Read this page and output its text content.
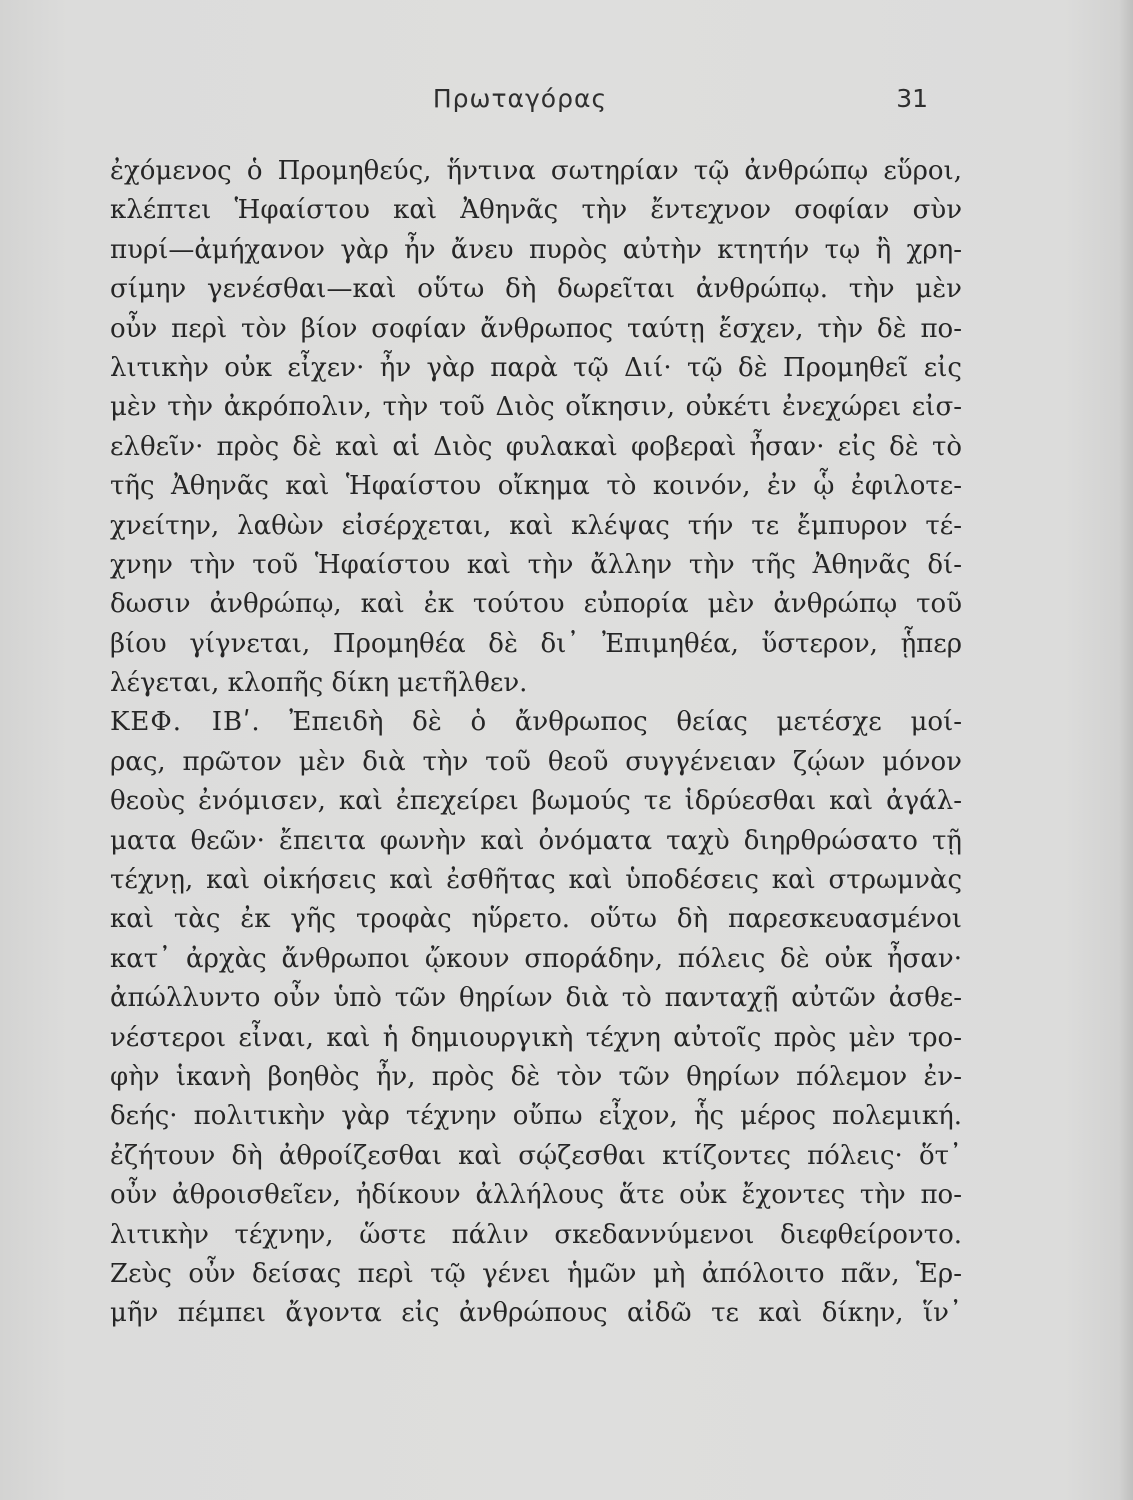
Πρωταγόρας	31
ἐχόμενος ὁ Προμηθεύς, ἥντινα σωτηρίαν τῷ ἀνθρώπῳ εὕροι,
κλέπτει Ἡφαίστου καὶ Ἀθηνᾶς τὴν ἔντεχνον σοφίαν σὺν
πυρί—ἀμήχανον γὰρ ἦν ἄνευ πυρὸς αὐτὴν κτητήν τῳ ἢ χρη-
σίμην γενέσθαι—καὶ οὕτω δὴ δωρεῖται ἀνθρώπῳ. τὴν μὲν
οὖν περὶ τὸν βίον σοφίαν ἄνθρωπος ταύτῃ ἔσχεν, τὴν δὲ πο-
λιτικὴν οὐκ εἶχεν· ἦν γὰρ παρὰ τῷ Διί· τῷ δὲ Προμηθεῖ εἰς
μὲν τὴν ἀκρόπολιν, τὴν τοῦ Διὸς οἴκησιν, οὐκέτι ἐνεχώρει εἰσ-
ελθεῖν· πρὸς δὲ καὶ αἱ Διὸς φυλακαὶ φοβεραὶ ἦσαν· εἰς δὲ τὸ
τῆς Ἀθηνᾶς καὶ Ἡφαίστου οἴκημα τὸ κοινόν, ἐν ᾧ ἐφιλοτε-
χνείτην, λαθὼν εἰσέρχεται, καὶ κλέψας τήν τε ἔμπυρον τέ-
χνην τὴν τοῦ Ἡφαίστου καὶ τὴν ἄλλην τὴν τῆς Ἀθηνᾶς δί-
δωσιν ἀνθρώπῳ, καὶ ἐκ τούτου εὐπορία μὲν ἀνθρώπῳ τοῦ
βίου γίγνεται, Προμηθέα δὲ δι᾽ Ἐπιμηθέα, ὕστερον, ᾗπερ
λέγεται, κλοπῆς δίκη μετῆλθεν.
ΚΕΦ. ΙΒʹ. Ἐπειδὴ δὲ ὁ ἄνθρωπος θείας μετέσχε μοί-
ρας, πρῶτον μὲν διὰ τὴν τοῦ θεοῦ συγγένειαν ζῴων μόνον
θεοὺς ἐνόμισεν, καὶ ἐπεχείρει βωμούς τε ἱδρύεσθαι καὶ ἀγάλ-
ματα θεῶν· ἔπειτα φωνὴν καὶ ὀνόματα ταχὺ διηρθρώσατο τῇ
τέχνῃ, καὶ οἰκήσεις καὶ ἐσθῆτας καὶ ὑποδέσεις καὶ στρωμνὰς
καὶ τὰς ἐκ γῆς τροφὰς ηὕρετο. οὕτω δὴ παρεσκευασμένοι
κατ᾽ ἀρχὰς ἄνθρωποι ᾤκουν σποράδην, πόλεις δὲ οὐκ ἦσαν·
ἀπώλλυντο οὖν ὑπὸ τῶν θηρίων διὰ τὸ πανταχῇ αὐτῶν ἀσθε-
νέστεροι εἶναι, καὶ ἡ δημιουργικὴ τέχνη αὐτοῖς πρὸς μὲν τρο-
φὴν ἱκανὴ βοηθὸς ἦν, πρὸς δὲ τὸν τῶν θηρίων πόλεμον ἐν-
δεής· πολιτικὴν γὰρ τέχνην οὔπω εἶχον, ἧς μέρος πολεμική.
ἐζήτουν δὴ ἀθροίζεσθαι καὶ σῴζεσθαι κτίζοντες πόλεις· ὅτ᾽
οὖν ἀθροισθεῖεν, ἠδίκουν ἀλλήλους ἅτε οὐκ ἔχοντες τὴν πο-
λιτικὴν τέχνην, ὥστε πάλιν σκεδαννύμενοι διεφθείροντο.
Ζεὺς οὖν δείσας περὶ τῷ γένει ἡμῶν μὴ ἀπόλοιτο πᾶν, Ἑρ-
μῆν πέμπει ἄγοντα εἰς ἀνθρώπους αἰδῶ τε καὶ δίκην, ἵν᾽
